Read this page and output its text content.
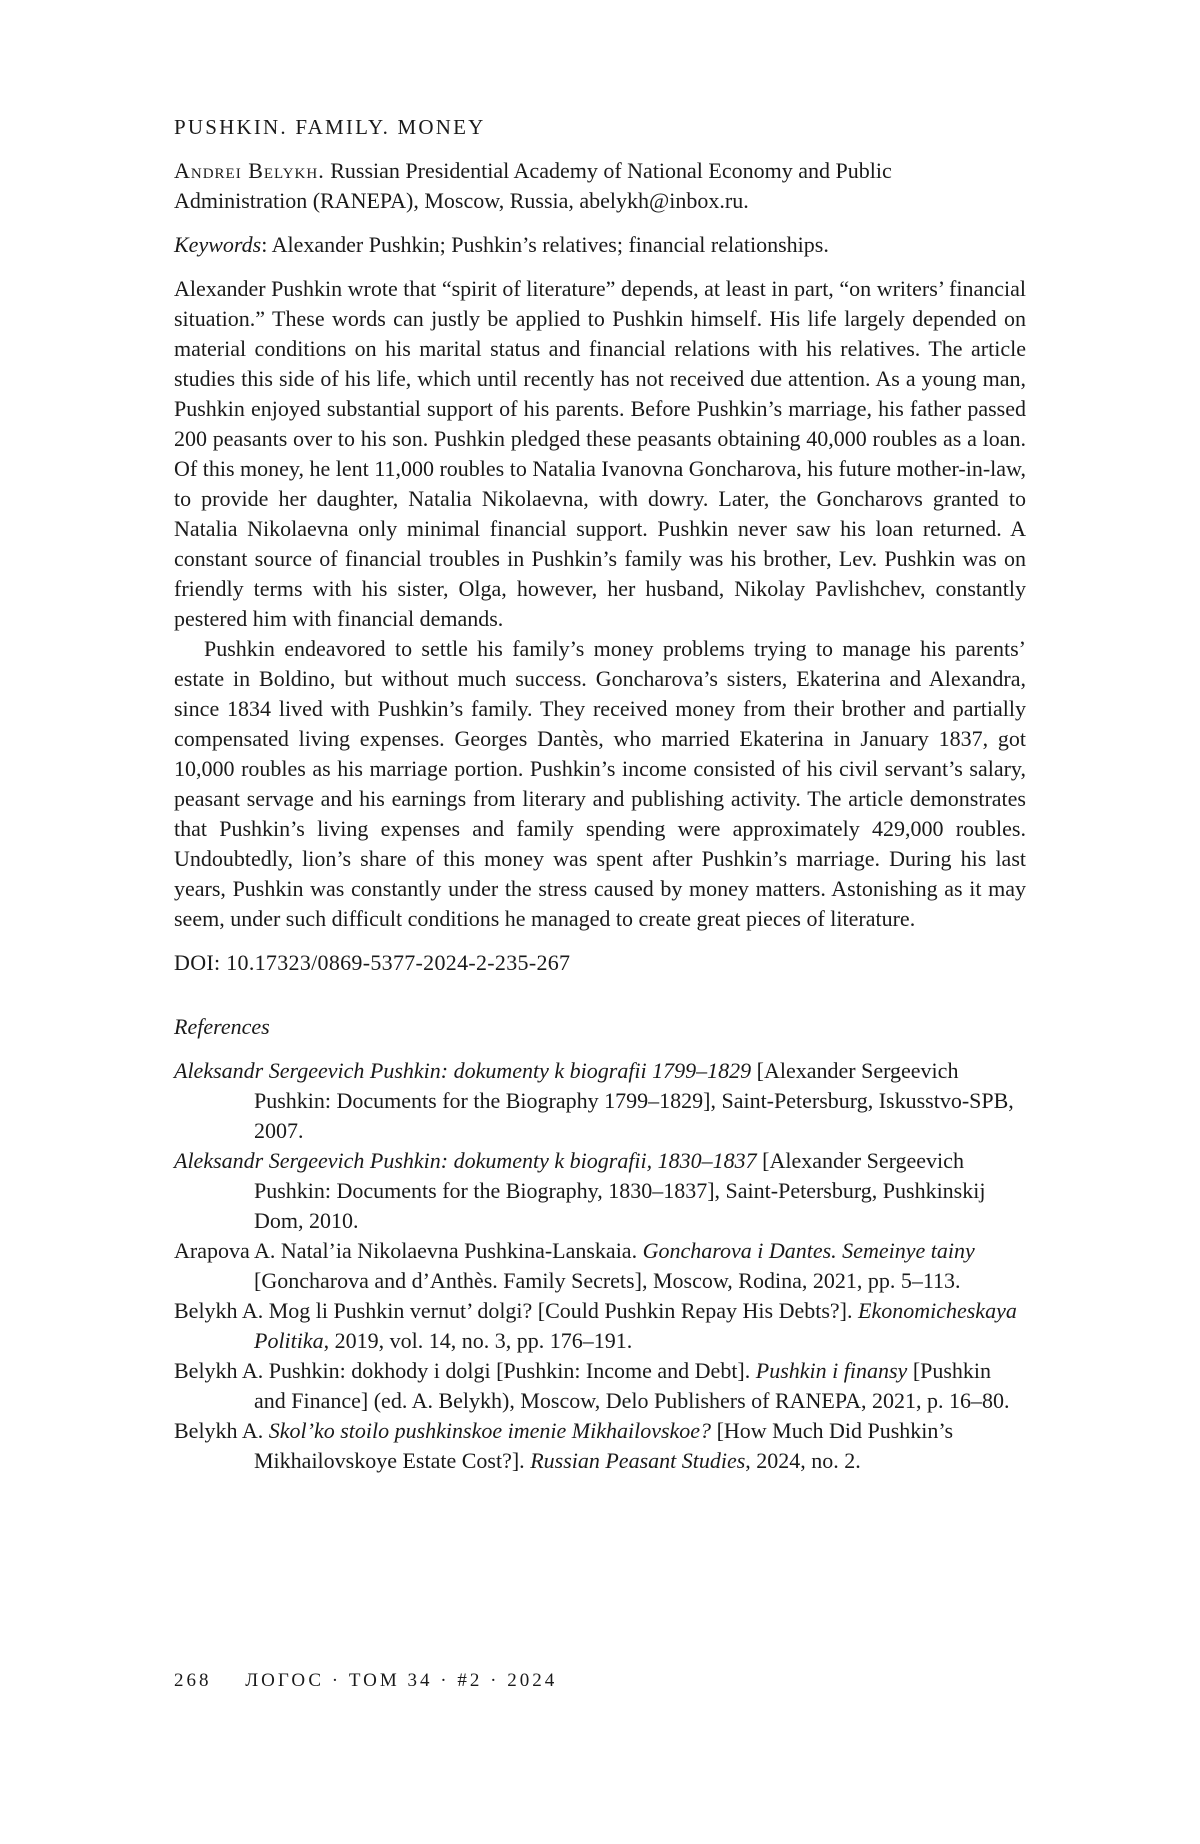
PUSHKIN. FAMILY. MONEY

Andrei Belykh. Russian Presidential Academy of National Economy and Public Administration (RANEPA), Moscow, Russia, abelykh@inbox.ru.

Keywords: Alexander Pushkin; Pushkin’s relatives; financial relationships.

Alexander Pushkin wrote that “spirit of literature” depends, at least in part, “on writers’ financial situation.” These words can justly be applied to Pushkin himself. His life largely depended on material conditions on his marital status and financial relations with his relatives. The article studies this side of his life, which until recently has not received due attention. As a young man, Pushkin enjoyed substantial support of his parents. Before Pushkin’s marriage, his father passed 200 peasants over to his son. Pushkin pledged these peasants obtaining 40,000 roubles as a loan. Of this money, he lent 11,000 roubles to Natalia Ivanovna Goncharova, his future mother-in-law, to provide her daughter, Natalia Nikolaevna, with dowry. Later, the Goncharovs granted to Natalia Nikolaevna only minimal financial support. Pushkin never saw his loan returned. A constant source of financial troubles in Pushkin’s family was his brother, Lev. Pushkin was on friendly terms with his sister, Olga, however, her husband, Nikolay Pavlishchev, constantly pestered him with financial demands.

Pushkin endeavored to settle his family’s money problems trying to manage his parents’ estate in Boldino, but without much success. Goncharova’s sisters, Ekaterina and Alexandra, since 1834 lived with Pushkin’s family. They received money from their brother and partially compensated living expenses. Georges Dantès, who married Ekaterina in January 1837, got 10,000 roubles as his marriage portion. Pushkin’s income consisted of his civil servant’s salary, peasant servage and his earnings from literary and publishing activity. The article demonstrates that Pushkin’s living expenses and family spending were approximately 429,000 roubles. Undoubtedly, lion’s share of this money was spent after Pushkin’s marriage. During his last years, Pushkin was constantly under the stress caused by money matters. Astonishing as it may seem, under such difficult conditions he managed to create great pieces of literature.

DOI: 10.17323/0869-5377-2024-2-235-267

References

Aleksandr Sergeevich Pushkin: dokumenty k biografii 1799–1829 [Alexander Sergeevich Pushkin: Documents for the Biography 1799–1829], Saint-Petersburg, Iskusstvo-SPB, 2007.

Aleksandr Sergeevich Pushkin: dokumenty k biografii, 1830–1837 [Alexander Sergeevich Pushkin: Documents for the Biography, 1830–1837], Saint-Petersburg, Pushkinskij Dom, 2010.

Arapova A. Natal’ia Nikolaevna Pushkina-Lanskaia. Goncharova i Dantes. Semeinye tainy [Goncharova and d’Anthès. Family Secrets], Moscow, Rodina, 2021, pp. 5–113.

Belykh A. Mog li Pushkin vernut’ dolgi? [Could Pushkin Repay His Debts?]. Ekonomicheskaya Politika, 2019, vol. 14, no. 3, pp. 176–191.

Belykh A. Pushkin: dokhody i dolgi [Pushkin: Income and Debt]. Pushkin i finansy [Pushkin and Finance] (ed. A. Belykh), Moscow, Delo Publishers of RANEPA, 2021, p. 16–80.

Belykh A. Skol’ko stoilo pushkinskoe imenie Mikhailovskoe? [How Much Did Pushkin’s Mikhailovskoye Estate Cost?]. Russian Peasant Studies, 2024, no. 2.

268 ЛОГОС · ТОМ 34 · #2 · 2024
